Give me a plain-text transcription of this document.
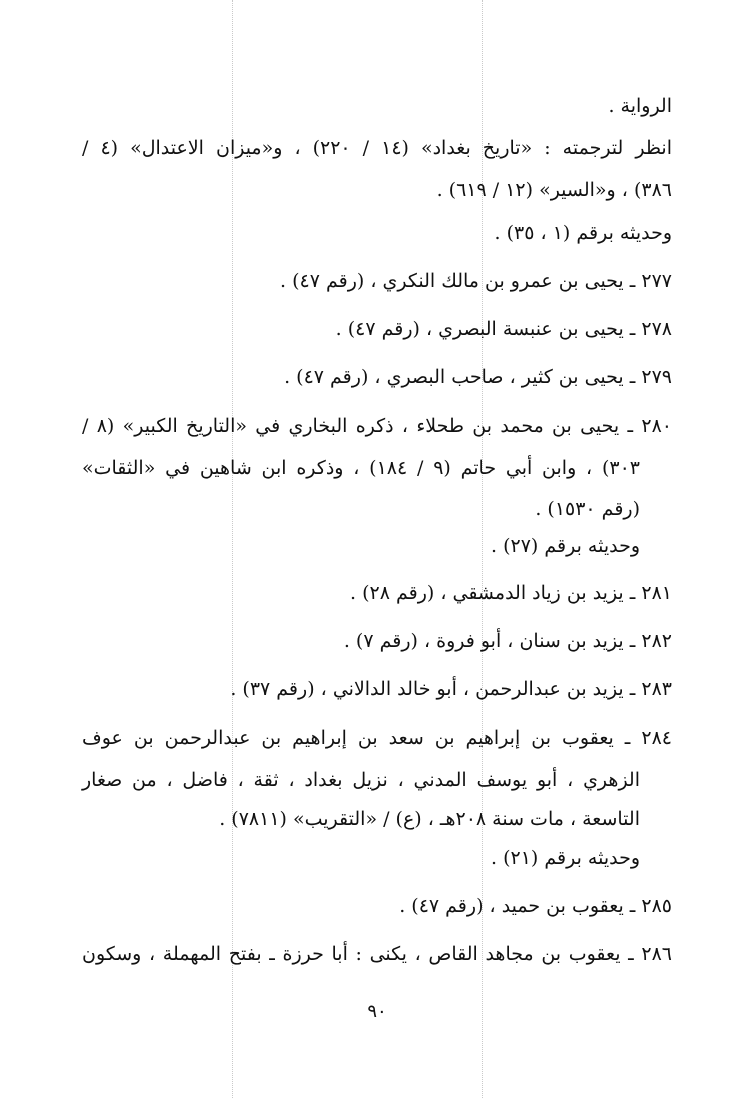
الرواية .
انظر لترجمته : «تاريخ بغداد» (١٤ / ٢٢٠) ، و«ميزان الاعتدال» (٤ /
٣٨٦) ، و«السير» (١٢ / ٦١٩) .
وحديثه برقم (١ ، ٣٥) .
٢٧٧ ـ يحيى بن عمرو بن مالك النكري ، (رقم ٤٧) .
٢٧٨ ـ يحيى بن عنبسة البصري ، (رقم ٤٧) .
٢٧٩ ـ يحيى بن كثير ، صاحب البصري ، (رقم ٤٧) .
٢٨٠ ـ يحيى بن محمد بن طحلاء ، ذكره البخاري في «التاريخ الكبير» (٨ /
٣٠٣) ، وابن أبي حاتم (٩ / ١٨٤) ، وذكره ابن شاهين في «الثقات»
(رقم ١٥٣٠) .
وحديثه برقم (٢٧) .
٢٨١ ـ يزيد بن زياد الدمشقي ، (رقم ٢٨) .
٢٨٢ ـ يزيد بن سنان ، أبو فروة ، (رقم ٧) .
٢٨٣ ـ يزيد بن عبدالرحمن ، أبو خالد الدالاني ، (رقم ٣٧) .
٢٨٤ ـ يعقوب بن إبراهيم بن سعد بن إبراهيم بن عبدالرحمن بن عوف
الزهري ، أبو يوسف المدني ، نزيل بغداد ، ثقة ، فاضل ، من صغار
التاسعة ، مات سنة ٢٠٨هـ ، (ع) / «التقريب» (٧٨١١) .
وحديثه برقم (٢١) .
٢٨٥ ـ يعقوب بن حميد ، (رقم ٤٧) .
٢٨٦ ـ يعقوب بن مجاهد القاص ، يكنى : أبا حرزة ـ بفتح المهملة ، وسكون
٩٠
